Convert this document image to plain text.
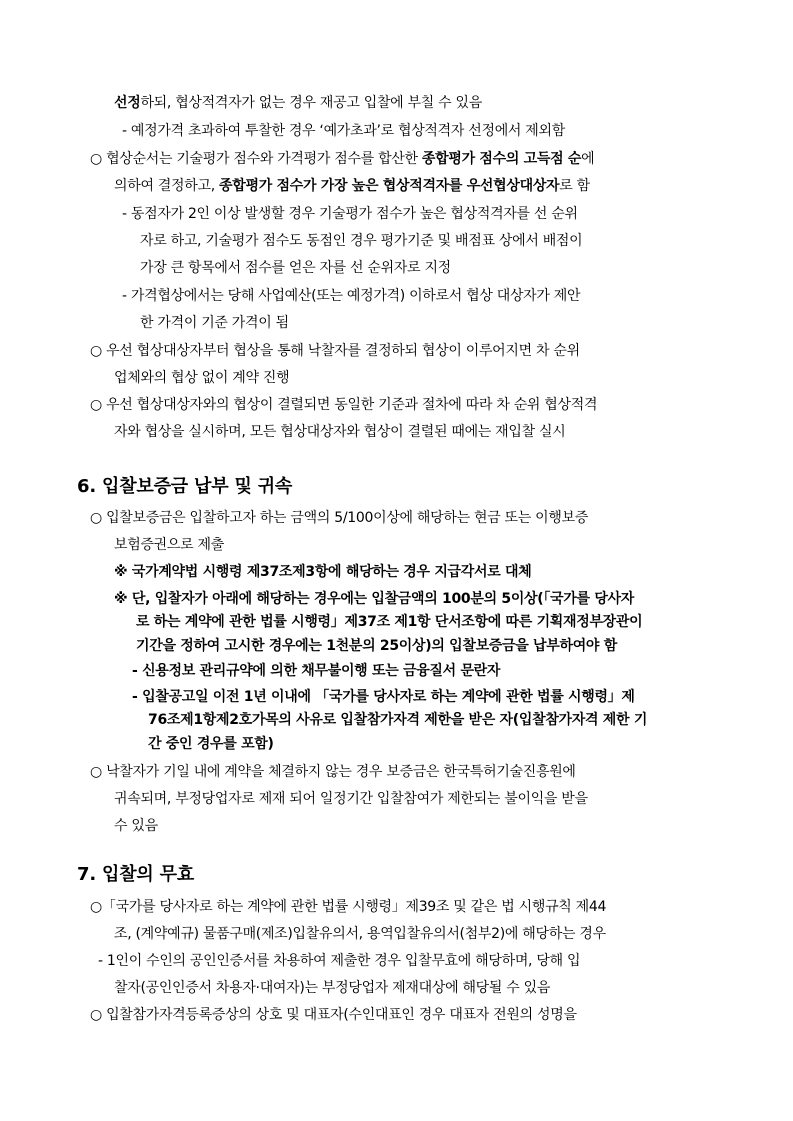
선정하되, 협상적격자가 없는 경우 재공고 입찰에 부칠 수 있음
- 예정가격 초과하여 투찰한 경우 ‘예가초과’로 협상적격자 선정에서 제외함
○ 협상순서는 기술평가 점수와 가격평가 점수를 합산한 종합평가 점수의 고득점 순에
의하여 결정하고, 종합평가 점수가 가장 높은 협상적격자를 우선협상대상자로 함
- 동점자가 2인 이상 발생할 경우 기술평가 점수가 높은 협상적격자를 선 순위
자로 하고, 기술평가 점수도 동점인 경우 평가기준 및 배점표 상에서 배점이
가장 큰 항목에서 점수를 얻은 자를 선 순위자로 지정
- 가격협상에서는 당해 사업예산(또는 예정가격) 이하로서 협상 대상자가 제안
한 가격이 기준 가격이 됨
○ 우선 협상대상자부터 협상을 통해 낙찰자를 결정하되 협상이 이루어지면 차 순위
업체와의 협상 없이 계약 진행
○ 우선 협상대상자와의 협상이 결렬되면 동일한 기준과 절차에 따라 차 순위 협상적격
자와 협상을 실시하며, 모든 협상대상자와 협상이 결렬된 때에는 재입찰 실시
6. 입찰보증금 납부 및 귀속
○ 입찰보증금은 입찰하고자 하는 금액의 5/100이상에 해당하는 현금 또는 이행보증
보험증권으로 제출
※ 국가계약법 시행령 제37조제3항에 해당하는 경우 지급각서로 대체
※ 단, 입찰자가 아래에 해당하는 경우에는 입찰금액의 100분의 5이상(「국가를 당사자
로 하는 계약에 관한 법률 시행령」제37조 제1항 단서조항에 따른 기획재정부장관이
기간을 정하여 고시한 경우에는 1천분의 25이상)의 입찰보증금을 납부하여야 함
- 신용정보 관리규약에 의한 채무불이행 또는 금융질서 문란자
- 입찰공고일 이전 1년 이내에 「국가를 당사자로 하는 계약에 관한 법률 시행령」제
76조제1항제2호가목의 사유로 입찰참가자격 제한을 받은 자(입찰참가자격 제한 기
간 중인 경우를 포함)
○ 낙찰자가 기일 내에 계약을 체결하지 않는 경우 보증금은 한국특허기술진흥원에
귀속되며, 부정당업자로 제재 되어 일정기간 입찰참여가 제한되는 불이익을 받을
수 있음
7. 입찰의 무효
○「국가를 당사자로 하는 계약에 관한 법률 시행령」제39조 및 같은 법 시행규칙 제44
조, (계약예규) 물품구매(제조)입찰유의서, 용역입찰유의서(첨부2)에 해당하는 경우
- 1인이 수인의 공인인증서를 차용하여 제출한 경우 입찰무효에 해당하며, 당해 입
찰자(공인인증서 차용자·대여자)는 부정당업자 제재대상에 해당될 수 있음
○ 입찰참가자격등록증상의 상호 및 대표자(수인대표인 경우 대표자 전원의 성명을
